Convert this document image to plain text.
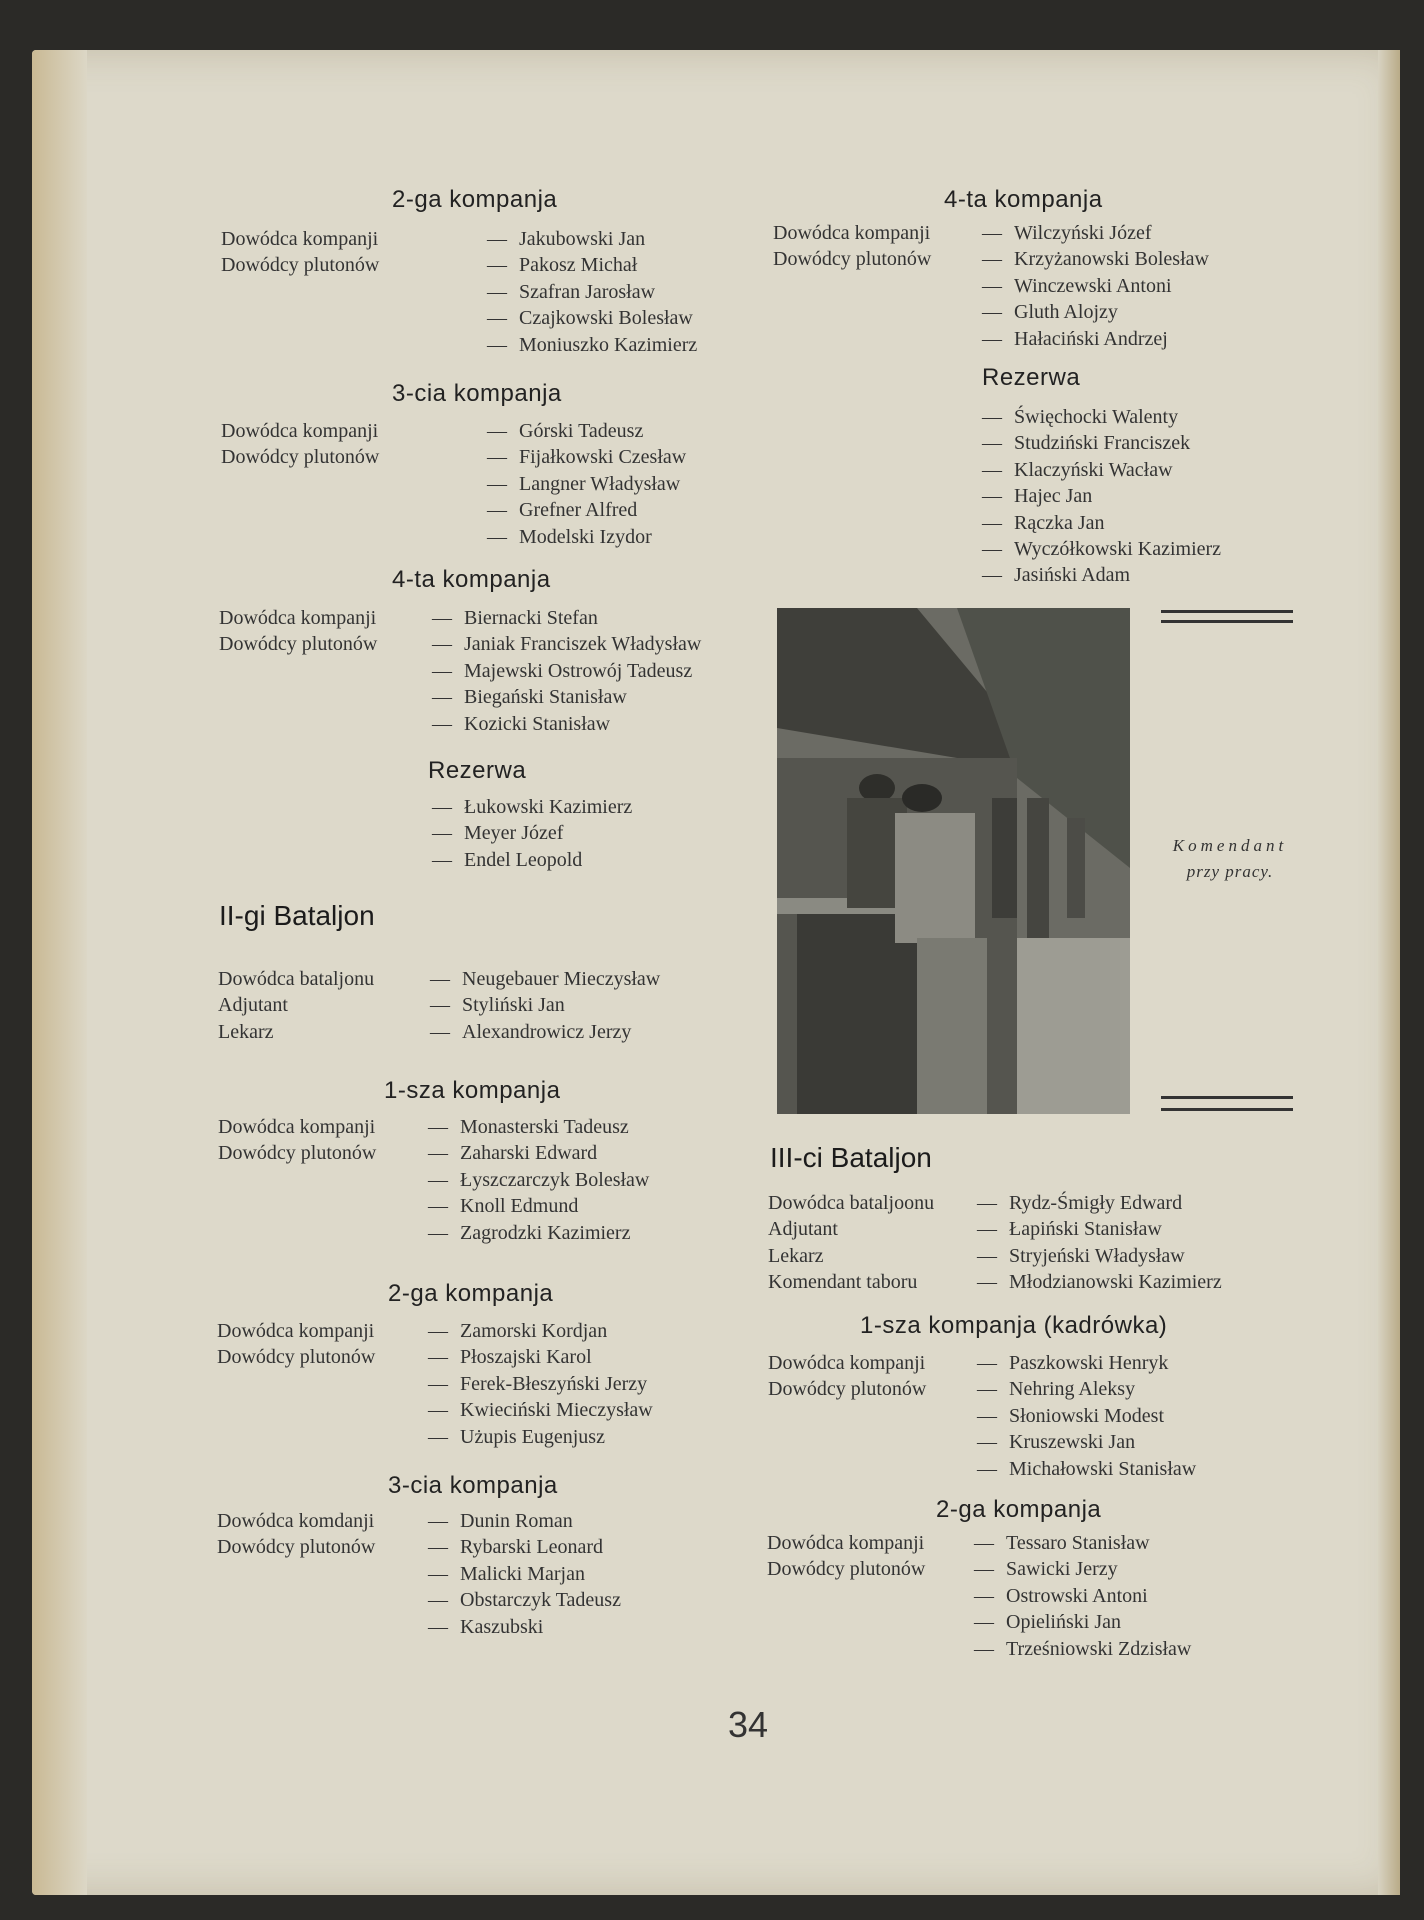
2-ga kompanja
Dowódca kompanji
Dowódcy plutonów
— Jakubowski Jan
— Pakosz Michał
— Szafran Jarosław
— Czajkowski Bolesław
— Moniuszko Kazimierz
3-cia kompanja
Dowódca kompanji
Dowódcy plutonów
— Górski Tadeusz
— Fijałkowski Czesław
— Langner Władysław
— Grefner Alfred
— Modelski Izydor
4-ta kompanja
Dowódca kompanji
Dowódcy plutonów
— Biernacki Stefan
— Janiak Franciszek Władysław
— Majewski Ostrowój Tadeusz
— Biegański Stanisław
— Kozicki Stanisław
Rezerwa
— Łukowski Kazimierz
— Meyer Józef
— Endel Leopold
II-gi Bataljon
Dowódca bataljonu
Adjutant
Lekarz
— Neugebauer Mieczysław
— Styliński Jan
— Alexandrowicz Jerzy
1-sza kompanja
Dowódca kompanji
Dowódcy plutonów
— Monasterski Tadeusz
— Zaharski Edward
— Łyszczarczyk Bolesław
— Knoll Edmund
— Zagrodzki Kazimierz
2-ga kompanja
Dowódca kompanji
Dowódcy plutonów
— Zamorski Kordjan
— Płoszajski Karol
— Ferek-Błeszyński Jerzy
— Kwieciński Mieczysław
— Użupis Eugenjusz
3-cia kompanja
Dowódca komdanji
Dowódcy plutonów
— Dunin Roman
— Rybarski Leonard
— Malicki Marjan
— Obstarczyk Tadeusz
— Kaszubski
4-ta kompanja
Dowódca kompanji
Dowódcy plutonów
— Wilczyński Józef
— Krzyżanowski Bolesław
— Winczewski Antoni
— Gluth Alojzy
— Hałaciński Andrzej
Rezerwa
— Święchocki Walenty
— Studziński Franciszek
— Klaczyński Wacław
— Hajec Jan
— Rączka Jan
— Wyczółkowski Kazimierz
— Jasiński Adam
III-ci Bataljon
Dowódca bataljoonu
Adjutant
Lekarz
Komendant taboru
— Rydz-Śmigły Edward
— Łapiński Stanisław
— Stryjeński Władysław
— Młodzianowski Kazimierz
1-sza kompanja (kadrówka)
Dowódca kompanji
Dowódcy plutonów
— Paszkowski Henryk
— Nehring Aleksy
— Słoniowski Modest
— Kruszewski Jan
— Michałowski Stanisław
2-ga kompanja
Dowódca kompanji
Dowódcy plutonów
— Tessaro Stanisław
— Sawicki Jerzy
— Ostrowski Antoni
— Opieliński Jan
— Trześniowski Zdzisław
Komendant
przy pracy.
34
